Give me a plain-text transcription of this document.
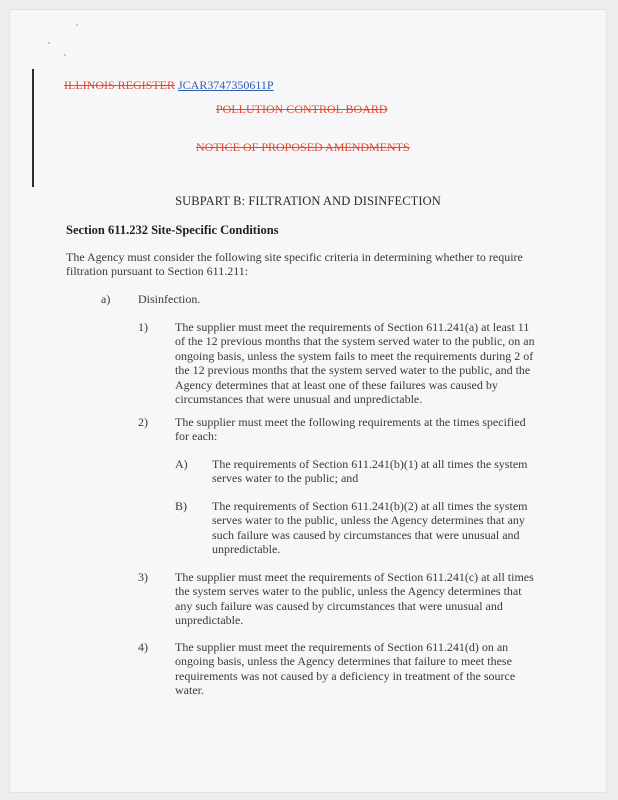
ILLINOIS REGISTER JCAR3747350611P
POLLUTION CONTROL BOARD
NOTICE OF PROPOSED AMENDMENTS
SUBPART B: FILTRATION AND DISINFECTION
Section 611.232 Site-Specific Conditions

The Agency must consider the following site specific criteria in determining whether to require filtration pursuant to Section 611.211:

a) Disinfection.
1) The supplier must meet the requirements of Section 611.241(a) at least 11 of the 12 previous months that the system served water to the public, on an ongoing basis, unless the system fails to meet the requirements during 2 of the 12 previous months that the system served water to the public, and the Agency determines that at least one of these failures was caused by circumstances that were unusual and unpredictable.

2) The supplier must meet the following requirements at the times specified for each:

A) The requirements of Section 611.241(b)(1) at all times the system serves water to the public; and

B) The requirements of Section 611.241(b)(2) at all times the system serves water to the public, unless the Agency determines that any such failure was caused by circumstances that were unusual and unpredictable.

3) The supplier must meet the requirements of Section 611.241(c) at all times the system serves water to the public, unless the Agency determines that any such failure was caused by circumstances that were unusual and unpredictable.

4) The supplier must meet the requirements of Section 611.241(d) on an ongoing basis, unless the Agency determines that failure to meet these requirements was not caused by a deficiency in treatment of the source water.
